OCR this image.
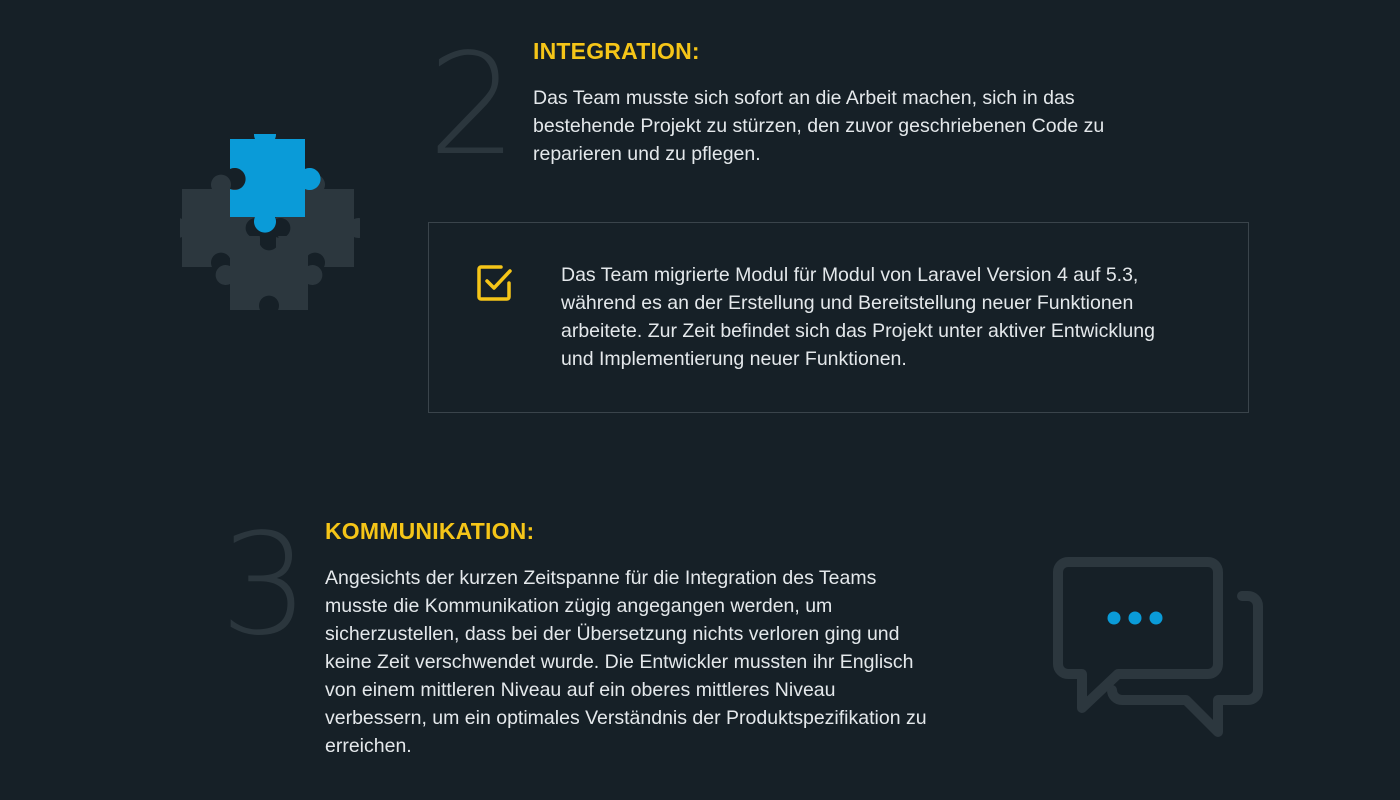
2 INTEGRATION:
Das Team musste sich sofort an die Arbeit machen, sich in das bestehende Projekt zu stürzen, den zuvor geschriebenen Code zu reparieren und zu pflegen.
Das Team migrierte Modul für Modul von Laravel Version 4 auf 5.3, während es an der Erstellung und Bereitstellung neuer Funktionen arbeitete. Zur Zeit befindet sich das Projekt unter aktiver Entwicklung und Implementierung neuer Funktionen.
3 KOMMUNIKATION:
Angesichts der kurzen Zeitspanne für die Integration des Teams musste die Kommunikation zügig angegangen werden, um sicherzustellen, dass bei der Übersetzung nichts verloren ging und keine Zeit verschwendet wurde. Die Entwickler mussten ihr Englisch von einem mittleren Niveau auf ein oberes mittleres Niveau verbessern, um ein optimales Verständnis der Produktspezifikation zu erreichen.
